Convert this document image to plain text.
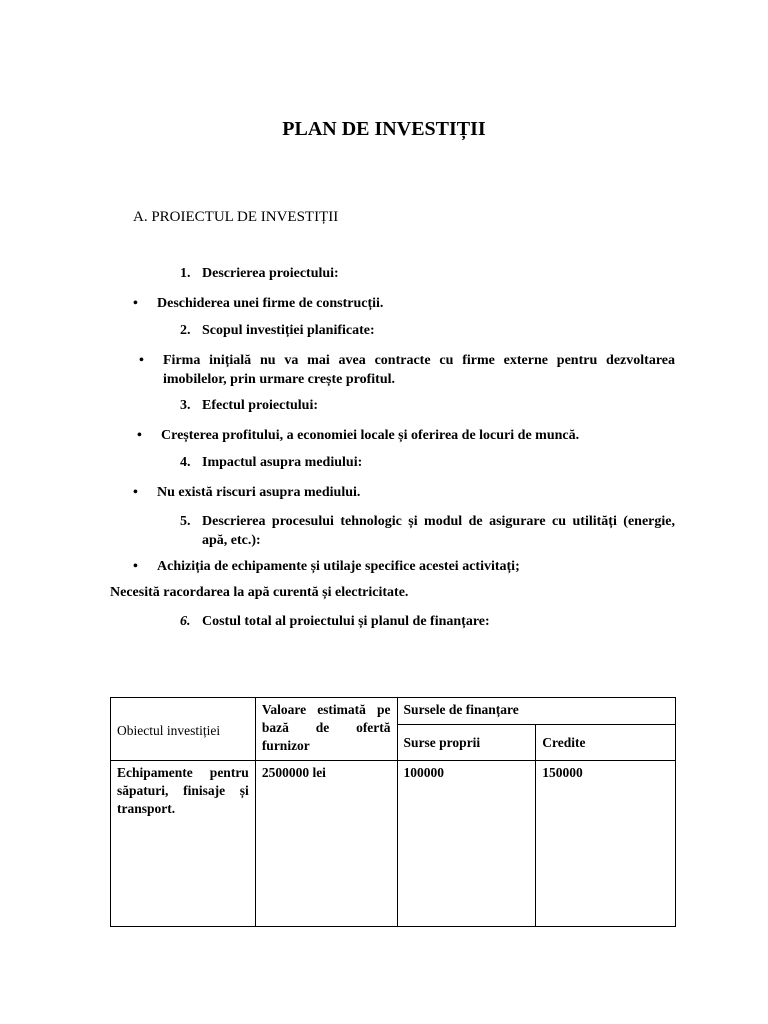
PLAN DE INVESTIȚII
A. PROIECTUL DE INVESTIȚII
1. Descrierea proiectului:
• Deschiderea unei firme de construcții.
2. Scopul investiției planificate:
• Firma inițială nu va mai avea contracte cu firme externe pentru dezvoltarea imobilelor, prin urmare crește profitul.
3. Efectul proiectului:
• Creșterea profitului, a economiei locale și oferirea de locuri de muncă.
4. Impactul asupra mediului:
• Nu există riscuri asupra mediului.
5. Descrierea procesului tehnologic și modul de asigurare cu utilități (energie, apă, etc.):
• Achiziția de echipamente și utilaje specifice acestei activitați;
Necesită racordarea la apă curentă și electricitate.
6. Costul total al proiectului și planul de finanțare:
Obiectul investiției	Valoare estimată pe bază de ofertă furnizor	Sursele de finanțare	
		Surse proprii	Credite
Echipamente pentru săpaturi, finisaje și transport.	2500000 lei	100000	150000
